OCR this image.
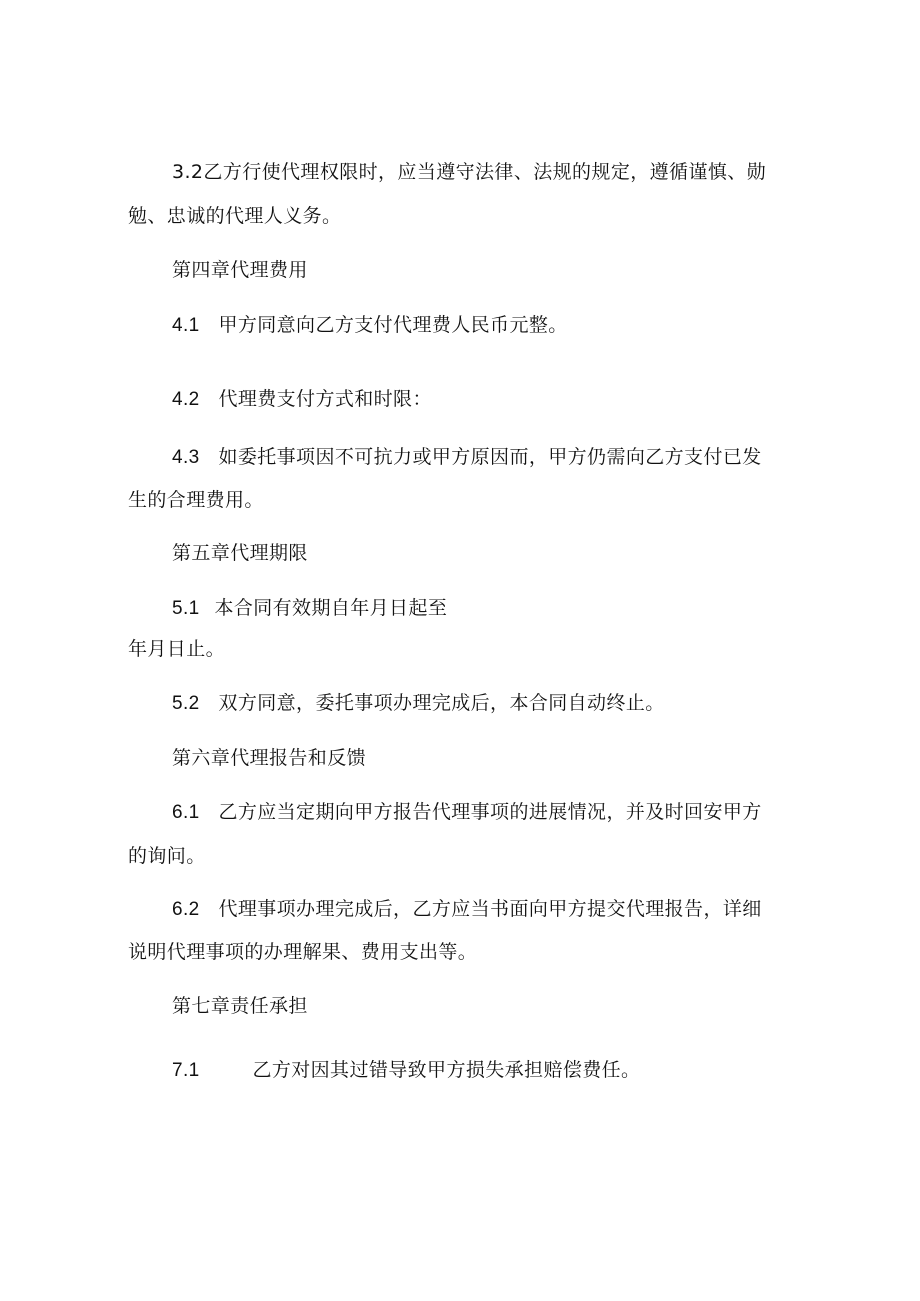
3.2乙方行使代理权限时，应当遵守法律、法规的规定，遵循谨慎、勋
勉、忠诚的代理人义务。
第四章代理费用
4.1 甲方同意向乙方支付代理费人民币元整。
4.2 代理费支付方式和时限：
4.3 如委托事项因不可抗力或甲方原因而，甲方仍需向乙方支付已发
生的合理费用。
第五章代理期限
5.1 本合同有效期自年月日起至
年月日止。
5.2 双方同意，委托事项办理完成后，本合同自动终止。
第六章代理报告和反馈
6.1 乙方应当定期向甲方报告代理事项的进展情况，并及时回安甲方
的询问。
6.2 代理事项办理完成后，乙方应当书面向甲方提交代理报告，详细
说明代理事项的办理解果、费用支出等。
第七章责任承担
7.1	乙方对因其过错导致甲方损失承担赔偿费任。
